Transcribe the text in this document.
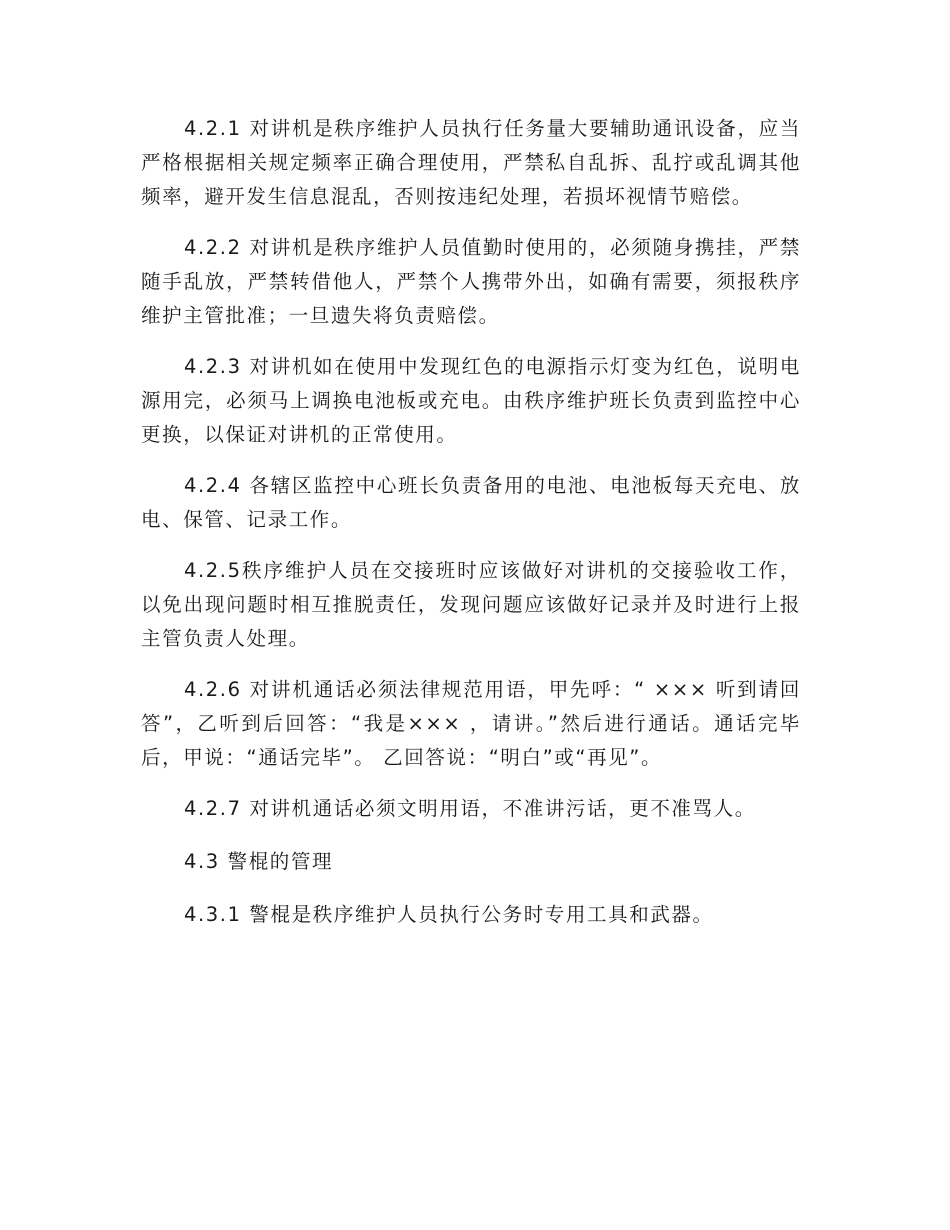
4.2.1 对讲机是秩序维护人员执行任务量大要辅助通讯设备，应当严格根据相关规定频率正确合理使用，严禁私自乱拆、乱拧或乱调其他频率，避开发生信息混乱，否则按违纪处理，若损坏视情节赔偿。

4.2.2 对讲机是秩序维护人员值勤时使用的，必须随身携挂，严禁随手乱放，严禁转借他人，严禁个人携带外出，如确有需要，须报秩序维护主管批准；一旦遗失将负责赔偿。

4.2.3 对讲机如在使用中发现红色的电源指示灯变为红色，说明电源用完，必须马上调换电池板或充电。由秩序维护班长负责到监控中心更换，以保证对讲机的正常使用。

4.2.4 各辖区监控中心班长负责备用的电池、电池板每天充电、放电、保管、记录工作。

4.2.5秩序维护人员在交接班时应该做好对讲机的交接验收工作，以免出现问题时相互推脱责任，发现问题应该做好记录并及时进行上报主管负责人处理。

4.2.6 对讲机通话必须法律规范用语，甲先呼：“ ××× 听到请回答”，乙听到后回答：“我是××× ，请讲。”然后进行通话。通话完毕后，甲说：“通话完毕”。 乙回答说：“明白”或“再见”。

4.2.7 对讲机通话必须文明用语，不准讲污话，更不准骂人。

4.3 警棍的管理

4.3.1 警棍是秩序维护人员执行公务时专用工具和武器。
